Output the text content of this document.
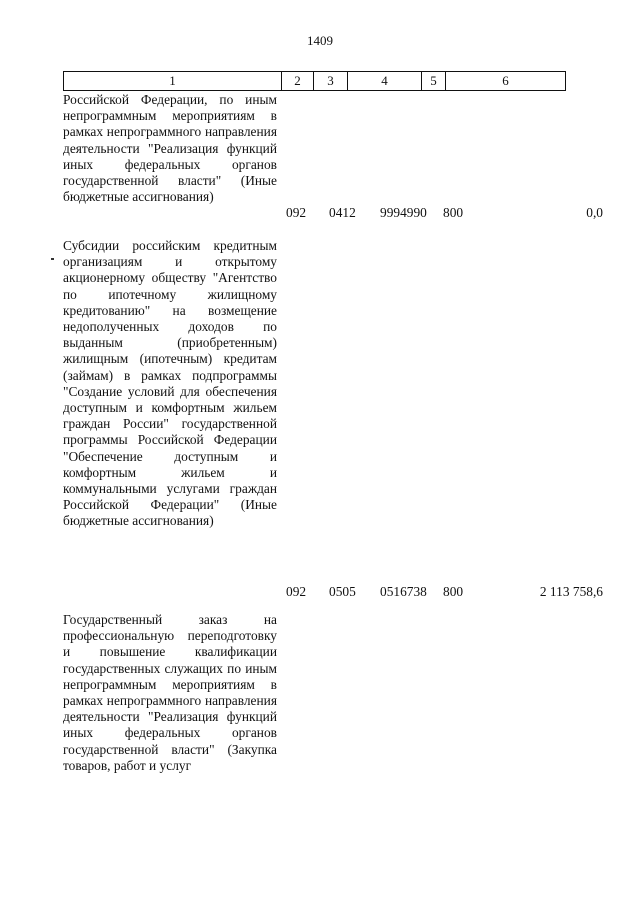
1409
1	2	3	4	5	6
Российской Федерации, по иным непрограммным мероприятиям в рамках непрограммного направления деятельности "Реализация функций иных федеральных органов государственной власти" (Иные бюджетные ассигнования)
092 0412 9994990 800	0,0
Субсидии российским кредитным организациям и открытому акционерному обществу "Агентство по ипотечному жилищному кредитованию" на возмещение недополученных доходов по выданным (приобретенным) жилищным (ипотечным) кредитам (займам) в рамках подпрограммы "Создание условий для обеспечения доступным и комфортным жильем граждан России" государственной программы Российской Федерации "Обеспечение доступным и комфортным жильем и коммунальными услугами граждан Российской Федерации" (Иные бюджетные ассигнования)
092 0505 0516738 800	2 113 758,6
Государственный заказ на профессиональную переподготовку и повышение квалификации государственных служащих по иным непрограммным мероприятиям в рамках непрограммного направления деятельности "Реализация функций иных федеральных органов государственной власти" (Закупка товаров, работ и услуг
